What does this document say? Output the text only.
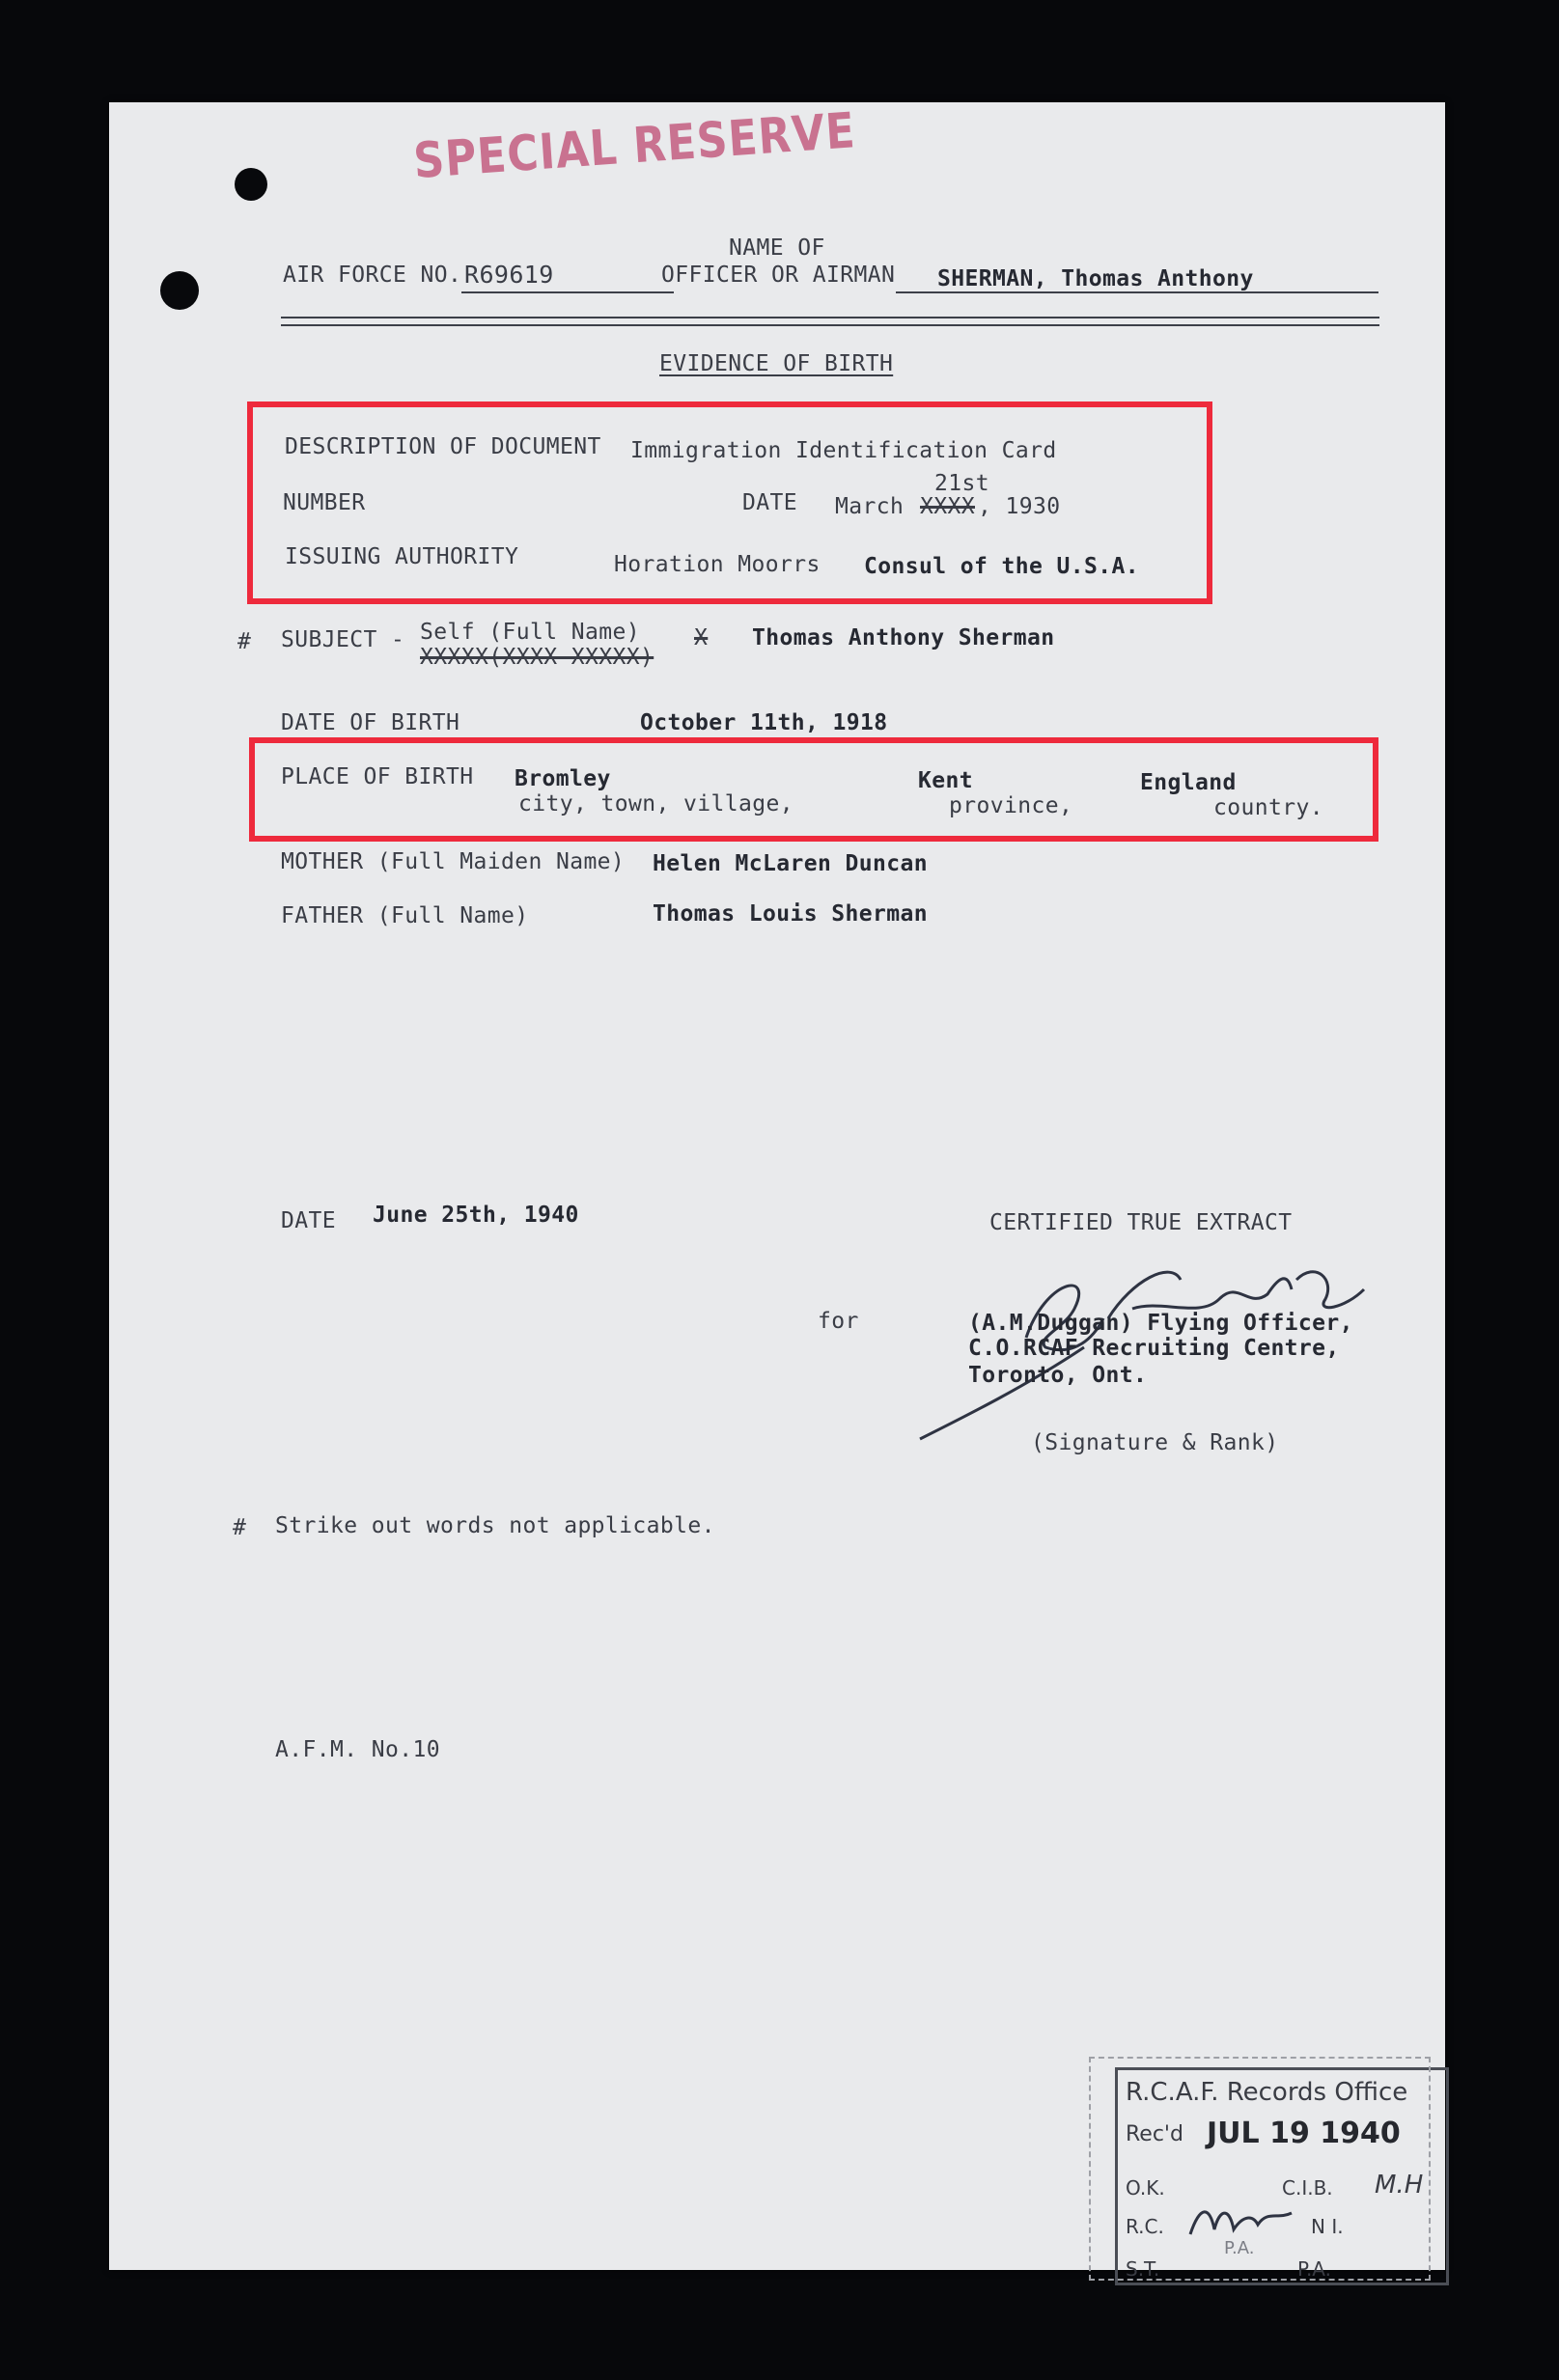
SPECIAL RESERVE
AIR FORCE NO. R69619
NAME OF
OFFICER OR AIRMAN SHERMAN, Thomas Anthony
EVIDENCE OF BIRTH
DESCRIPTION OF DOCUMENT Immigration Identification Card
NUMBER	DATE
21st
March XXXX , 1930
ISSUING AUTHORITY	Horation Moorrs Consul of the U.S.A.
# SUBJECT - Self (Full Name)
XXXXX(XXXX XXXXX)
X Thomas Anthony Sherman
DATE OF BIRTH	October 11th, 1918
PLACE OF BIRTH Bromley
city, town, village,
Kent
province,
England
country.
MOTHER (Full Maiden Name) Helen McLaren Duncan
FATHER (Full Name)	Thomas Louis Sherman
DATE June 25th, 1940	CERTIFIED TRUE EXTRACT
for	(A.M.Duggan) Flying Officer,
C.O.RCAF Recruiting Centre,
Toronto, Ont.
(Signature & Rank)
# Strike out words not applicable.
A.F.M. No.10
R.C.A.F. Records Office
Rec'd JUL 19 1940
O.K.	C.I.B. M.H
R.C.	N I.
P.A.
S.T.	P.A.
